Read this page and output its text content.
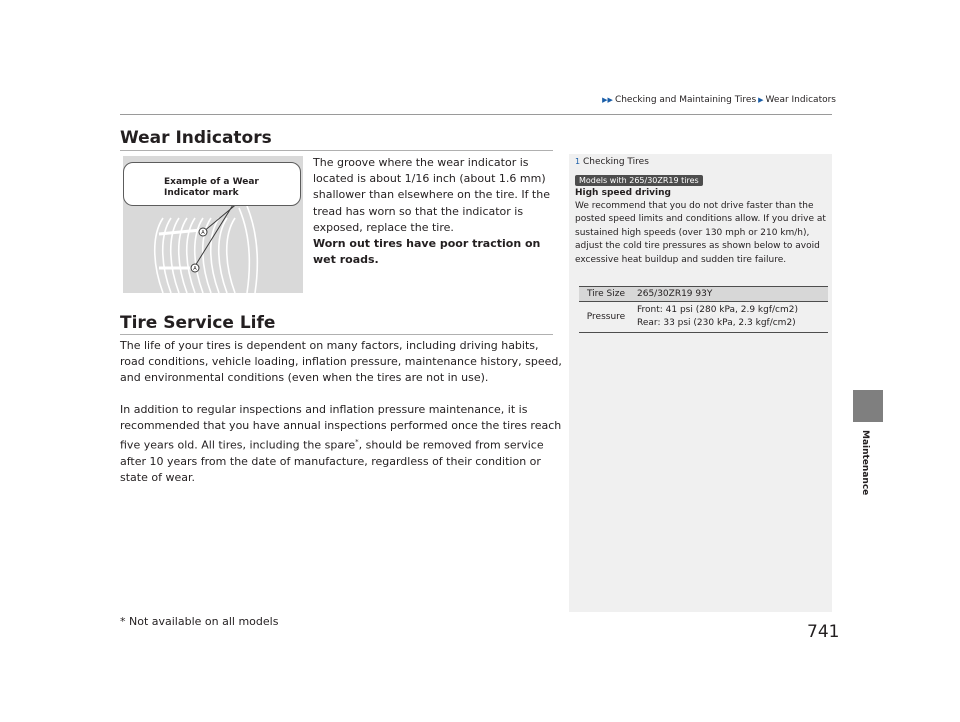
▶▶ Checking and Maintaining Tires ▶ Wear Indicators
Maintenance
Wear Indicators
A
A
Example of a Wear Indicator mark
The groove where the wear indicator is located is about 1/16 inch (about 1.6 mm) shallower than elsewhere on the tire. If the tread has worn so that the indicator is exposed, replace the tire.
Worn out tires have poor traction on wet roads.
Tire Service Life
The life of your tires is dependent on many factors, including driving habits, road conditions, vehicle loading, inflation pressure, maintenance history, speed, and environmental conditions (even when the tires are not in use).
In addition to regular inspections and inflation pressure maintenance, it is recommended that you have annual inspections performed once the tires reach five years old. All tires, including the spare*, should be removed from service after 10 years from the date of manufacture, regardless of their condition or state of wear.
1 Checking Tires
Models with 265/30ZR19 tires
High speed driving
We recommend that you do not drive faster than the posted speed limits and conditions allow. If you drive at sustained high speeds (over 130 mph or 210 km/h), adjust the cold tire pressures as shown below to avoid excessive heat buildup and sudden tire failure.
Tire Size	265/30ZR19 93Y
Pressure	Front: 41 psi (280 kPa, 2.9 kgf/cm2)
Rear: 33 psi (230 kPa, 2.3 kgf/cm2)
* Not available on all models
741
